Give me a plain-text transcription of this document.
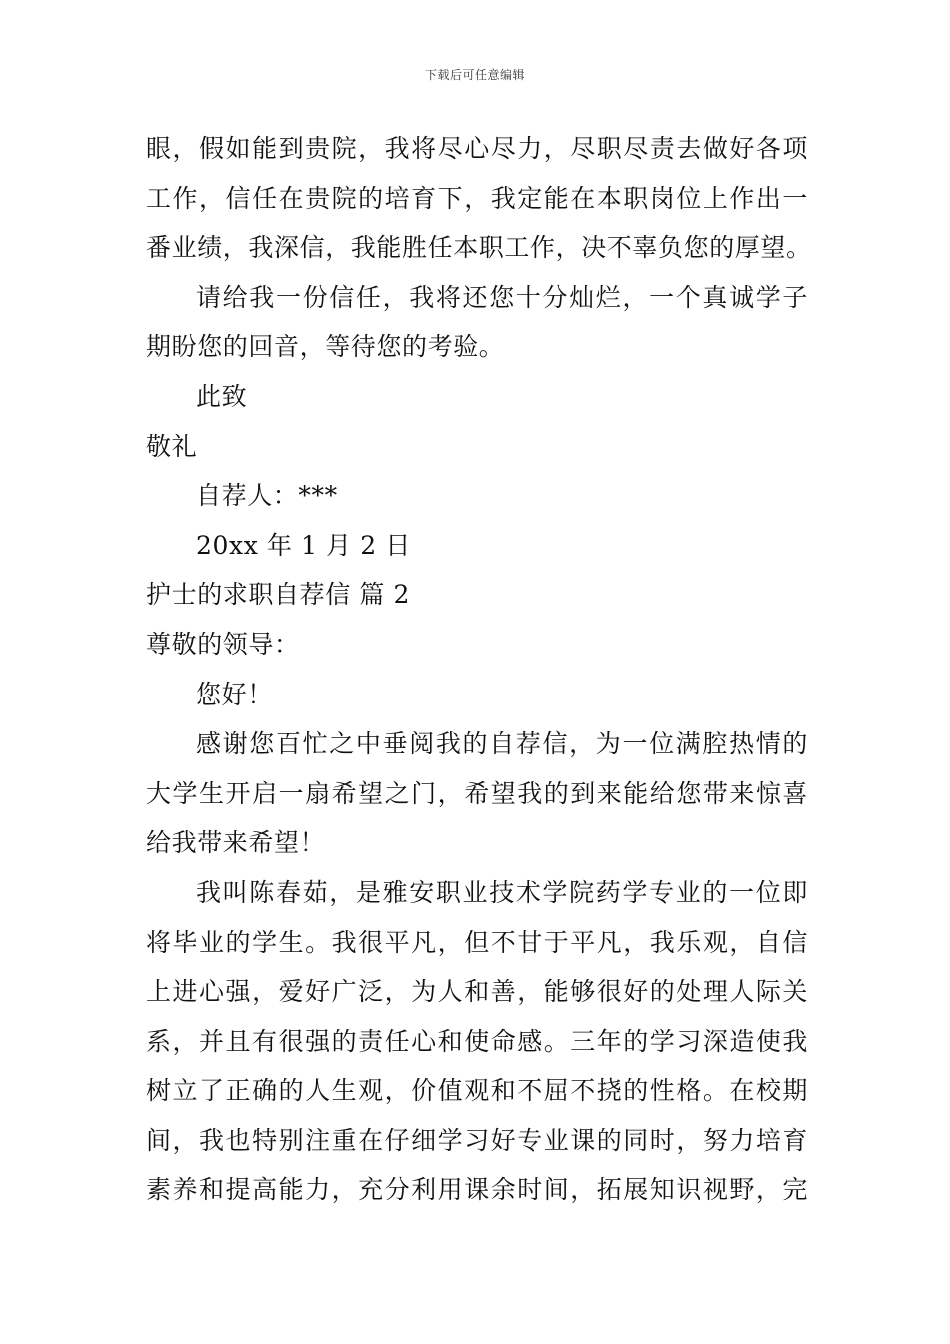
下载后可任意编辑
眼，假如能到贵院，我将尽心尽力，尽职尽责去做好各项
工作，信任在贵院的培育下，我定能在本职岗位上作出一
番业绩，我深信，我能胜任本职工作，决不辜负您的厚望。
请给我一份信任，我将还您十分灿烂，一个真诚学子
期盼您的回音，等待您的考验。
此致
敬礼
自荐人：***
20xx 年 1 月 2 日
护士的求职自荐信 篇 2
尊敬的领导：
您好！
感谢您百忙之中垂阅我的自荐信，为一位满腔热情的
大学生开启一扇希望之门，希望我的到来能给您带来惊喜
给我带来希望！
我叫陈春茹，是雅安职业技术学院药学专业的一位即
将毕业的学生。我很平凡，但不甘于平凡，我乐观，自信
上进心强，爱好广泛，为人和善，能够很好的处理人际关
系，并且有很强的责任心和使命感。三年的学习深造使我
树立了正确的人生观，价值观和不屈不挠的性格。在校期
间，我也特别注重在仔细学习好专业课的同时，努力培育
素养和提高能力，充分利用课余时间，拓展知识视野，完
